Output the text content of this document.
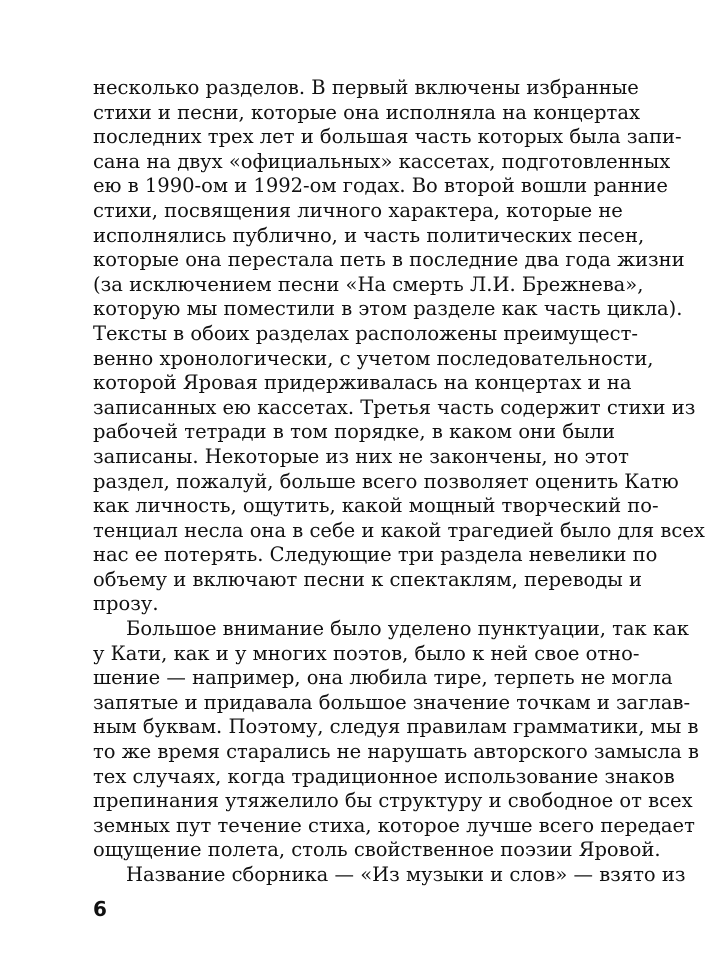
несколько разделов. В первый включены избранные
стихи и песни, которые она исполняла на концертах
последних трех лет и большая часть которых была запи-
сана на двух «официальных» кассетах, подготовленных
ею в 1990-ом и 1992-ом годах. Во второй вошли ранние
стихи, посвящения личного характера, которые не
исполнялись публично, и часть политических песен,
которые она перестала петь в последние два года жизни
(за исключением песни «На смерть Л.И. Брежнева»,
которую мы поместили в этом разделе как часть цикла).
Тексты в обоих разделах расположены преимущест-
венно хронологически, с учетом последовательности,
которой Яровая придерживалась на концертах и на
записанных ею кассетах. Третья часть содержит стихи из
рабочей тетради в том порядке, в каком они были
записаны. Некоторые из них не закончены, но этот
раздел, пожалуй, больше всего позволяет оценить Катю
как личность, ощутить, какой мощный творческий по-
тенциал несла она в себе и какой трагедией было для всех
нас ее потерять. Следующие три раздела невелики по
объему и включают песни к спектаклям, переводы и
прозу.
Большое внимание было уделено пунктуации, так как
у Кати, как и у многих поэтов, было к ней свое отно-
шение — например, она любила тире, терпеть не могла
запятые и придавала большое значение точкам и заглав-
ным буквам. Поэтому, следуя правилам грамматики, мы в
то же время старались не нарушать авторского замысла в
тех случаях, когда традиционное использование знаков
препинания утяжелило бы структуру и свободное от всех
земных пут течение стиха, которое лучше всего передает
ощущение полета, столь свойственное поэзии Яровой.
Название сборника — «Из музыки и слов» — взято из
6
